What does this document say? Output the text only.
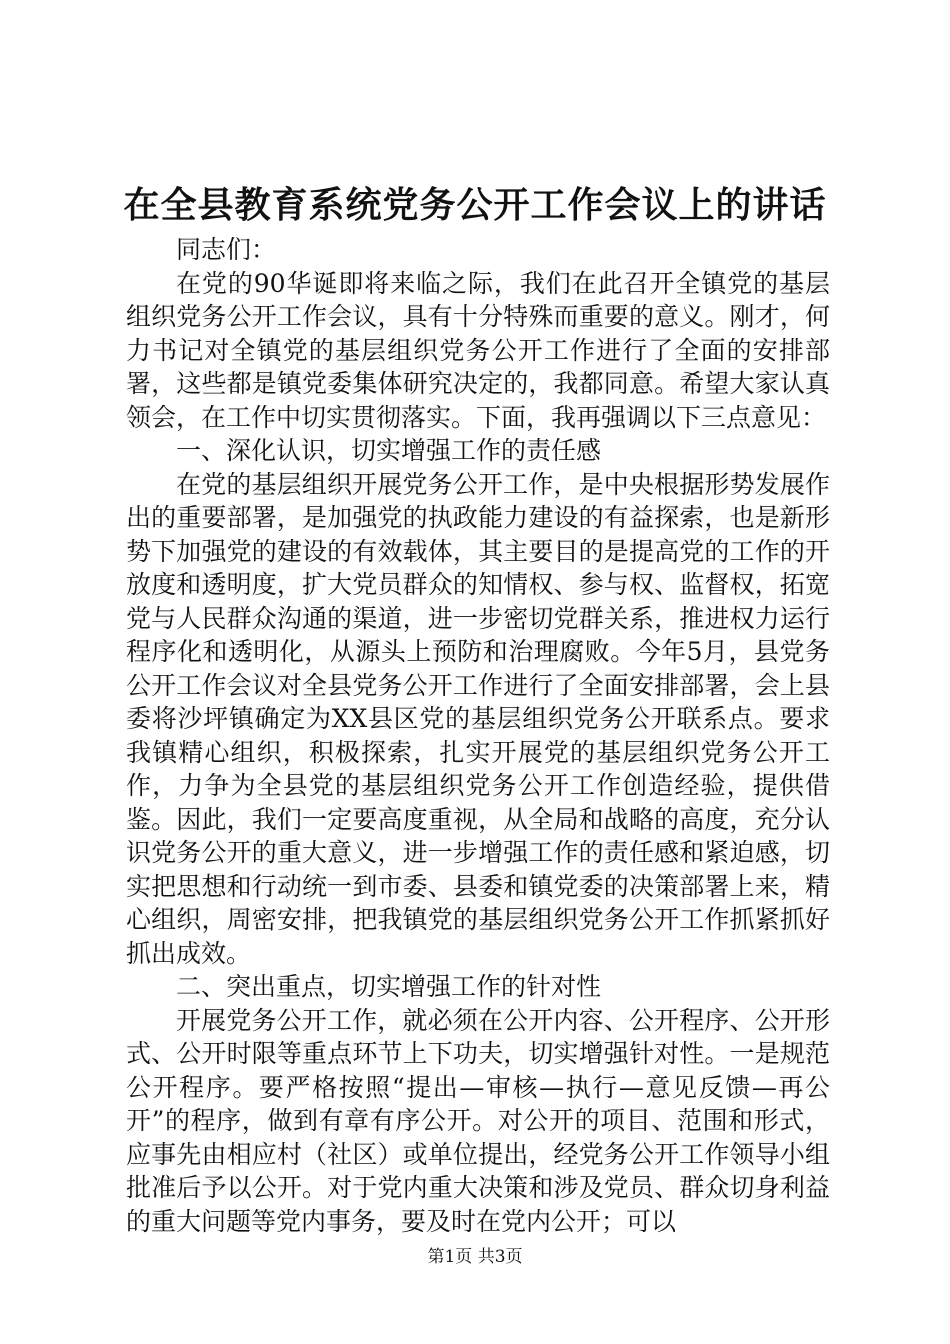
在全县教育系统党务公开工作会议上的讲话

同志们：

在党的90华诞即将来临之际，我们在此召开全镇党的基层组织党务公开工作会议，具有十分特殊而重要的意义。刚才，何力书记对全镇党的基层组织党务公开工作进行了全面的安排部署，这些都是镇党委集体研究决定的，我都同意。希望大家认真领会，在工作中切实贯彻落实。下面，我再强调以下三点意见：

一、深化认识，切实增强工作的责任感

在党的基层组织开展党务公开工作，是中央根据形势发展作出的重要部署，是加强党的执政能力建设的有益探索，也是新形势下加强党的建设的有效载体，其主要目的是提高党的工作的开放度和透明度，扩大党员群众的知情权、参与权、监督权，拓宽党与人民群众沟通的渠道，进一步密切党群关系，推进权力运行程序化和透明化，从源头上预防和治理腐败。今年5月，县党务公开工作会议对全县党务公开工作进行了全面安排部署，会上县委将沙坪镇确定为XX县区党的基层组织党务公开联系点。要求我镇精心组织，积极探索，扎实开展党的基层组织党务公开工作，力争为全县党的基层组织党务公开工作创造经验，提供借鉴。因此，我们一定要高度重视，从全局和战略的高度，充分认识党务公开的重大意义，进一步增强工作的责任感和紧迫感，切实把思想和行动统一到市委、县委和镇党委的决策部署上来，精心组织，周密安排，把我镇党的基层组织党务公开工作抓紧抓好抓出成效。

二、突出重点，切实增强工作的针对性

开展党务公开工作，就必须在公开内容、公开程序、公开形式、公开时限等重点环节上下功夫，切实增强针对性。一是规范公开程序。要严格按照“提出—审核—执行—意见反馈—再公开”的程序，做到有章有序公开。对公开的项目、范围和形式，应事先由相应村（社区）或单位提出，经党务公开工作领导小组批准后予以公开。对于党内重大决策和涉及党员、群众切身利益的重大问题等党内事务，要及时在党内公开；可以

第1页 共3页
